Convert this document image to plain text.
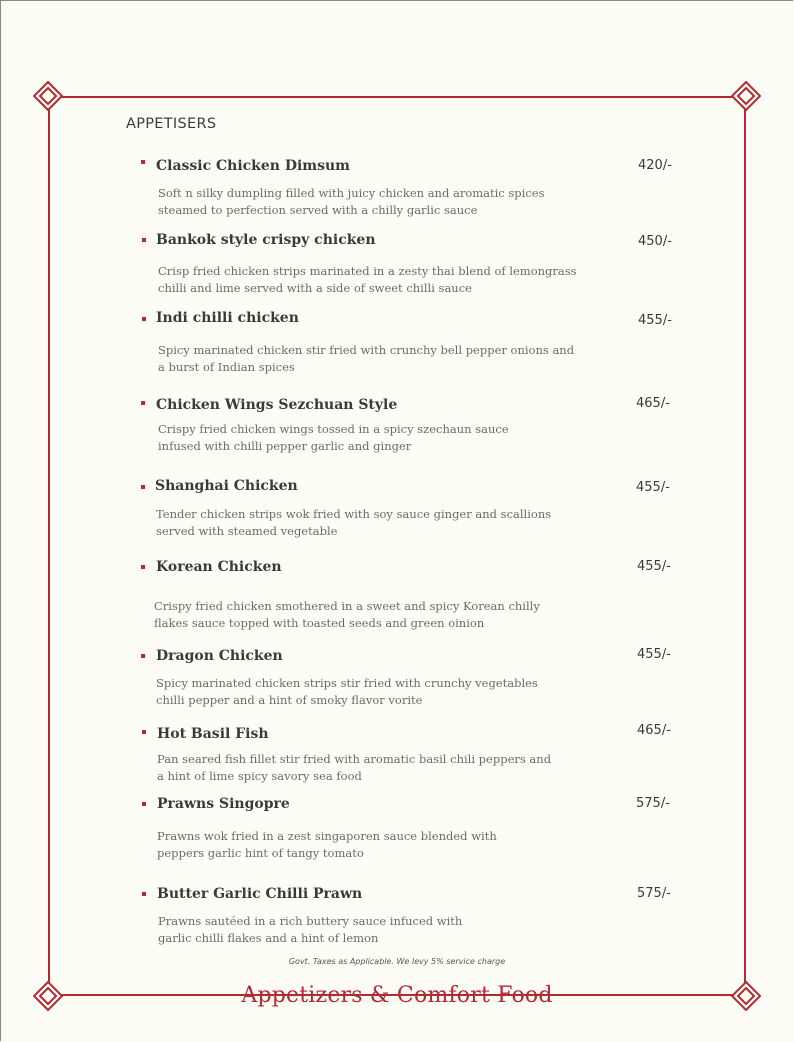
APPETISERS
Classic Chicken Dimsum	420/-
Soft n silky dumpling filled with juicy chicken and aromatic spices
steamed to perfection served with a chilly garlic sauce
Bankok style crispy chicken	450/-
Crisp fried chicken strips marinated in a zesty thai blend of lemongrass
chilli and lime served with a side of sweet chilli sauce
Indi chilli chicken	455/-
Spicy marinated chicken stir fried with crunchy bell pepper onions and
a burst of Indian spices
Chicken Wings Sezchuan Style	465/-
Crispy fried chicken wings tossed in a spicy szechaun sauce
infused with chilli pepper garlic and ginger
Shanghai Chicken	455/-
Tender chicken strips wok fried with soy sauce ginger and scallions
served with steamed vegetable
Korean Chicken	455/-
Crispy fried chicken smothered in a sweet and spicy Korean chilly
flakes sauce topped with toasted seeds and green oinion
Dragon Chicken	455/-
Spicy marinated chicken strips stir fried with crunchy vegetables
chilli pepper and a hint of smoky flavor vorite
Hot Basil Fish	465/-
Pan seared fish fillet stir fried with aromatic basil chili peppers and
a hint of lime spicy savory sea food
Prawns Singopre	575/-
Prawns wok fried in a zest singaporen sauce blended with
peppers garlic hint of tangy tomato
Butter Garlic Chilli Prawn	575/-
Prawns sautéed in a rich buttery sauce infuced with
garlic chilli flakes and a hint of lemon
Govt. Taxes as Applicable. We levy 5% service charge
Appetizers & Comfort Food
